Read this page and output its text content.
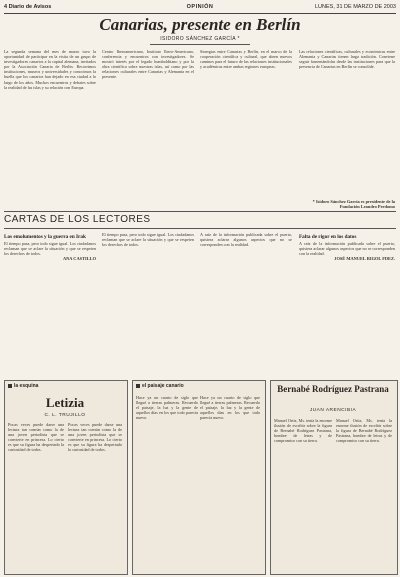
4 Diario de Avisos	OPINIÓN	LUNES, 31 DE MARZO DE 2003
Canarias, presente en Berlín
ISIDORO SÁNCHEZ GARCÍA *
La segunda semana del mes de marzo tuvo la oportunidad de participar en la visita de un grupo de investigadores canarios a la capital alemana, invitados por la Asociación Canaria de Berlín. Recorrimos instituciones, museos y universidades y conocimos la huella que los canarios han dejado en esa ciudad a lo largo de los años. Muchos encuentros y debates sobre la realidad de las islas y su relación con Europa.
Centro Iberoamericano, Instituto Ibero-Americano, conferencia y encuentros con investigadores. Se mostró interés por el legado humboldtiano y por la obra científica sobre nuestras islas, así como por las relaciones culturales entre Canarias y Alemania en el presente.
Sinergias entre Canarias y Berlín, en el marco de la cooperación científica y cultural, que abren nuevos caminos para el futuro de las relaciones institucionales y académicas entre ambas regiones europeas.
Las relaciones científicas, culturales y económicas entre Alemania y Canarias tienen larga tradición. Conviene seguir fomentándolas desde las instituciones para que la presencia de Canarias en Berlín se consolide.
* Isidoro Sánchez García es presidente de la Fundación Leandro Perdomo
CARTAS DE LOS LECTORES
Los emolumentos y la guerra en Irak
El tiempo pasa, pero todo sigue igual. Los ciudadanos reclaman que se aclare la situación y que se respeten los derechos de todos.
ANA CASTILLO
El tiempo pasa, pero todo sigue igual. Los ciudadanos reclaman que se aclare la situación y que se respeten los derechos de todos.
A raíz de la información publicada sobre el puerto, quisiera aclarar algunos aspectos que no se corresponden con la realidad.
Falta de rigor en los datos
A raíz de la información publicada sobre el puerto, quisiera aclarar algunos aspectos que no se corresponden con la realidad.
JOSÉ MANUEL RIGOL FDEZ.
la esquina
Letizia
C. L. TRUJILLO
Pocas veces puede darse una lectura tan común como la de una joven periodista que se convierte en princesa. Lo cierto es que su figura ha despertado la curiosidad de todos.
Pocas veces puede darse una lectura tan común como la de una joven periodista que se convierte en princesa. Lo cierto es que su figura ha despertado la curiosidad de todos.
el paisaje canario
Hace ya un cuarto de siglo que llegué a tierras palmeras. Recuerdo el paisaje, la luz y la gente de aquellos días en los que todo parecía nuevo.
Hace ya un cuarto de siglo que llegué a tierras palmeras. Recuerdo el paisaje, la luz y la gente de aquellos días en los que todo parecía nuevo.
Bernabé Rodríguez Pastrana
JUAN ARENCIBIA
Manuel Ortiz, Ms. tenía la enorme ilusión de escribir sobre la figura de Bernabé Rodríguez Pastrana, hombre de letras y de compromiso con su tierra.
Manuel Ortiz, Ms. tenía la enorme ilusión de escribir sobre la figura de Bernabé Rodríguez Pastrana, hombre de letras y de compromiso con su tierra.
